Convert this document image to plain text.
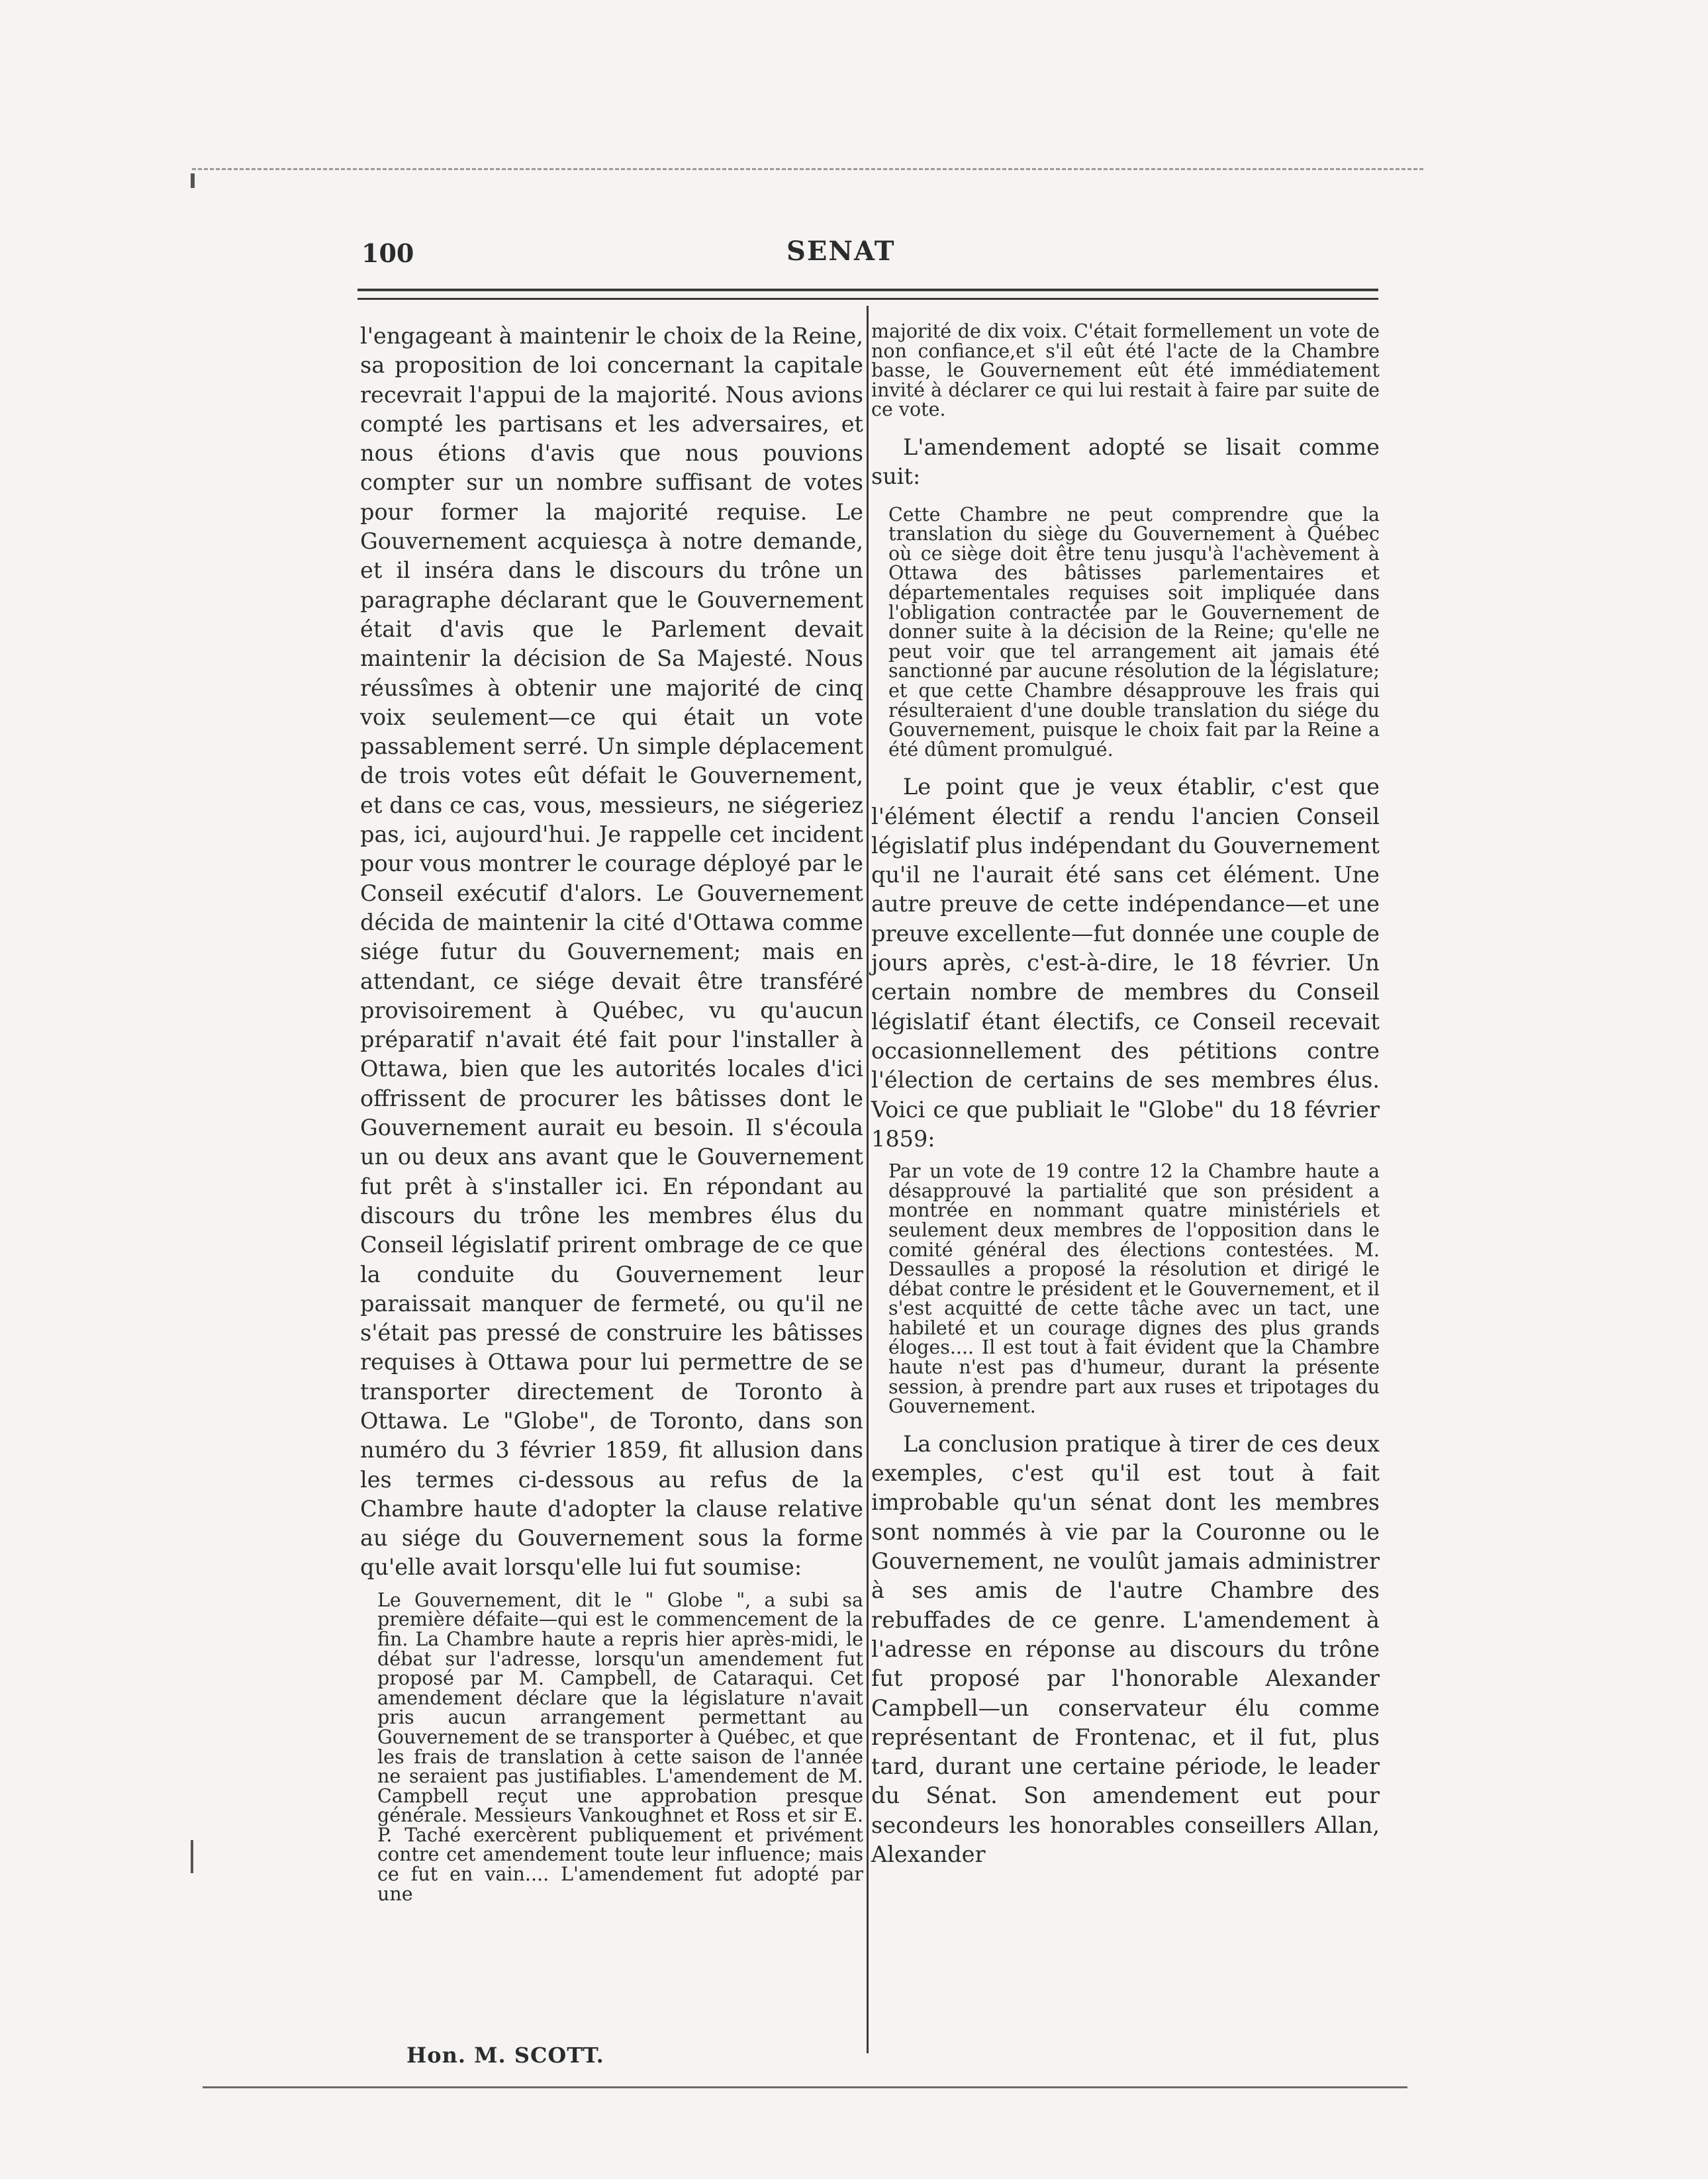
100	SENAT

l'engageant à maintenir le choix de la Reine, sa proposition de loi concernant la capitale recevrait l'appui de la majorité. Nous avions compté les partisans et les adversaires, et nous étions d'avis que nous pouvions compter sur un nombre suffisant de votes pour former la majorité requise. Le Gouvernement acquiesça à notre demande, et il inséra dans le discours du trône un paragraphe déclarant que le Gouvernement était d'avis que le Parlement devait maintenir la décision de Sa Majesté. Nous réussîmes à obtenir une majorité de cinq voix seulement—ce qui était un vote passablement serré. Un simple déplacement de trois votes eût défait le Gouvernement, et dans ce cas, vous, messieurs, ne siégeriez pas, ici, aujourd'hui. Je rappelle cet incident pour vous montrer le courage déployé par le Conseil exécutif d'alors. Le Gouvernement décida de maintenir la cité d'Ottawa comme siége futur du Gouvernement; mais en attendant, ce siége devait être transféré provisoirement à Québec, vu qu'aucun préparatif n'avait été fait pour l'installer à Ottawa, bien que les autorités locales d'ici offrissent de procurer les bâtisses dont le Gouvernement aurait eu besoin. Il s'écoula un ou deux ans avant que le Gouvernement fut prêt à s'installer ici. En répondant au discours du trône les membres élus du Conseil législatif prirent ombrage de ce que la conduite du Gouvernement leur paraissait manquer de fermeté, ou qu'il ne s'était pas pressé de construire les bâtisses requises à Ottawa pour lui permettre de se transporter directement de Toronto à Ottawa. Le "Globe", de Toronto, dans son numéro du 3 février 1859, fit allusion dans les termes ci-dessous au refus de la Chambre haute d'adopter la clause relative au siége du Gouvernement sous la forme qu'elle avait lorsqu'elle lui fut soumise:

Le Gouvernement, dit le " Globe ", a subi sa première défaite—qui est le commencement de la fin. La Chambre haute a repris hier après-midi, le débat sur l'adresse, lorsqu'un amendement fut proposé par M. Campbell, de Cataraqui. Cet amendement déclare que la législature n'avait pris aucun arrangement permettant au Gouvernement de se transporter à Québec, et que les frais de translation à cette saison de l'année ne seraient pas justifiables. L'amendement de M. Campbell reçut une approbation presque générale. Messieurs Vankoughnet et Ross et sir E. P. Taché exercèrent publiquement et privément contre cet amendement toute leur influence; mais ce fut en vain.... L'amendement fut adopté par une

majorité de dix voix. C'était formellement un vote de non confiance,et s'il eût été l'acte de la Chambre basse, le Gouvernement eût été immédiatement invité à déclarer ce qui lui restait à faire par suite de ce vote.

L'amendement adopté se lisait comme suit:

Cette Chambre ne peut comprendre que la translation du siège du Gouvernement à Québec où ce siège doit être tenu jusqu'à l'achèvement à Ottawa des bâtisses parlementaires et départementales requises soit impliquée dans l'obligation contractée par le Gouvernement de donner suite à la décision de la Reine; qu'elle ne peut voir que tel arrangement ait jamais été sanctionné par aucune résolution de la législature; et que cette Chambre désapprouve les frais qui résulteraient d'une double translation du siége du Gouvernement, puisque le choix fait par la Reine a été dûment promulgué.

Le point que je veux établir, c'est que l'élément électif a rendu l'ancien Conseil législatif plus indépendant du Gouvernement qu'il ne l'aurait été sans cet élément. Une autre preuve de cette indépendance—et une preuve excellente—fut donnée une couple de jours après, c'est-à-dire, le 18 février. Un certain nombre de membres du Conseil législatif étant électifs, ce Conseil recevait occasionnellement des pétitions contre l'élection de certains de ses membres élus. Voici ce que publiait le "Globe" du 18 février 1859:

Par un vote de 19 contre 12 la Chambre haute a désapprouvé la partialité que son président a montrée en nommant quatre ministériels et seulement deux membres de l'opposition dans le comité général des élections contestées. M. Dessaulles a proposé la résolution et dirigé le débat contre le président et le Gouvernement, et il s'est acquitté de cette tâche avec un tact, une habileté et un courage dignes des plus grands éloges.... Il est tout à fait évident que la Chambre haute n'est pas d'humeur, durant la présente session, à prendre part aux ruses et tripotages du Gouvernement.

La conclusion pratique à tirer de ces deux exemples, c'est qu'il est tout à fait improbable qu'un sénat dont les membres sont nommés à vie par la Couronne ou le Gouvernement, ne voulût jamais administrer à ses amis de l'autre Chambre des rebuffades de ce genre. L'amendement à l'adresse en réponse au discours du trône fut proposé par l'honorable Alexander Campbell—un conservateur élu comme représentant de Frontenac, et il fut, plus tard, durant une certaine période, le leader du Sénat. Son amendement eut pour secondeurs les honorables conseillers Allan, Alexander

Hon. M. SCOTT.
